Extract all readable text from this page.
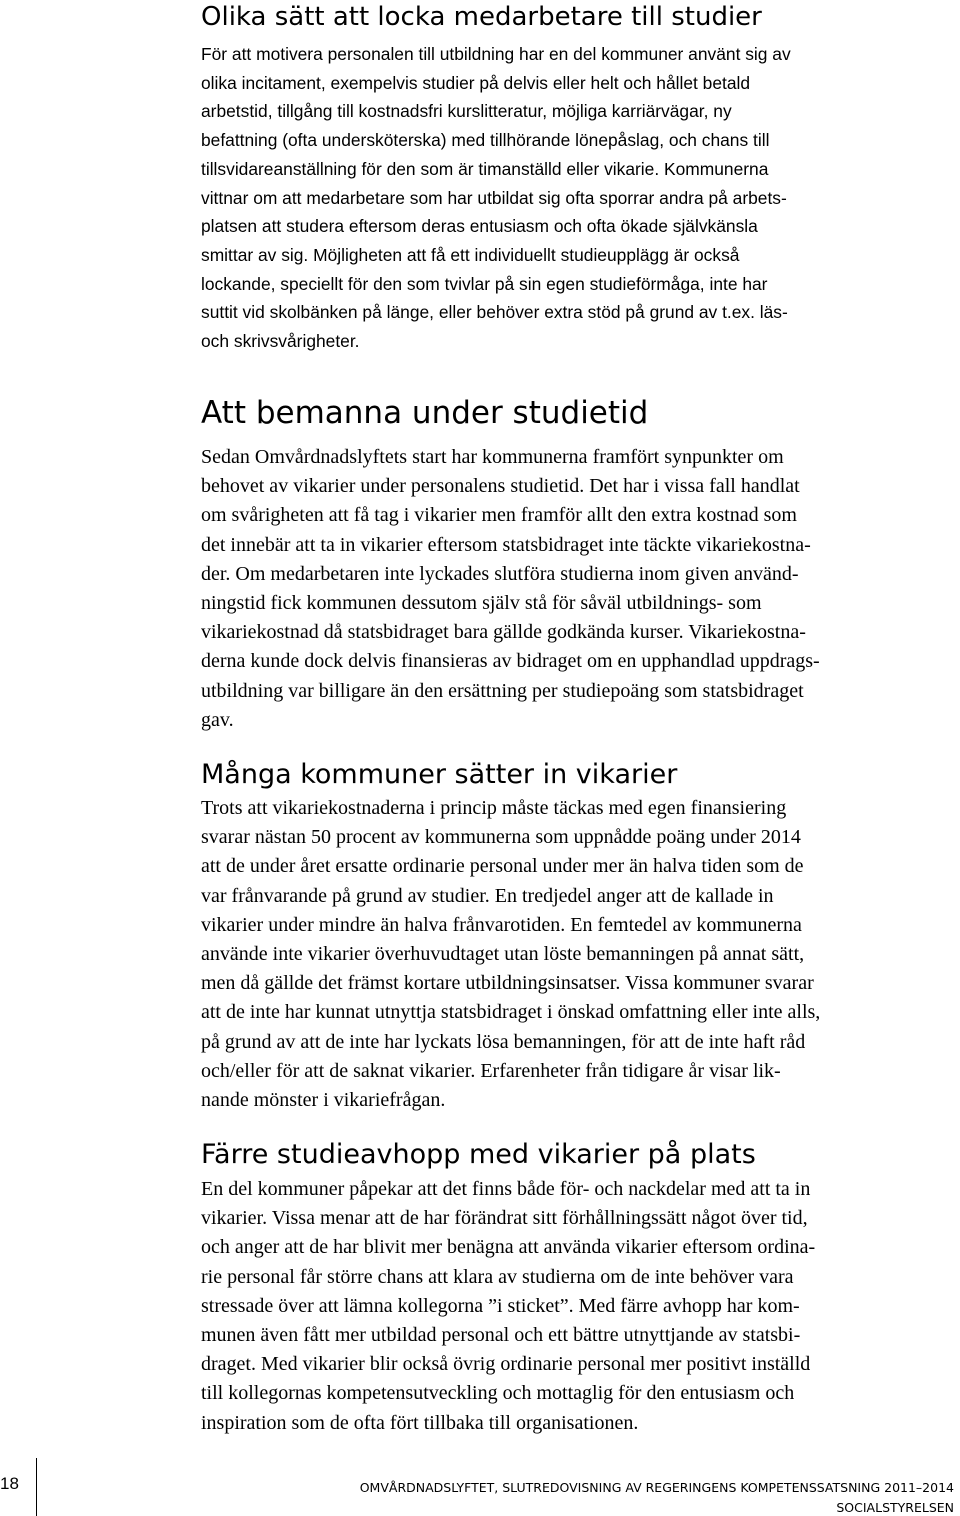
Olika sätt att locka medarbetare till studier

För att motivera personalen till utbildning har en del kommuner använt sig av
olika incitament, exempelvis studier på delvis eller helt och hållet betald
arbetstid, tillgång till kostnadsfri kurslitteratur, möjliga karriärvägar, ny
befattning (ofta undersköterska) med tillhörande lönepåslag, och chans till
tillsvidareanställning för den som är timanställd eller vikarie. Kommunerna
vittnar om att medarbetare som har utbildat sig ofta sporrar andra på arbets-
platsen att studera eftersom deras entusiasm och ofta ökade självkänsla
smittar av sig. Möjligheten att få ett individuellt studieupplägg är också
lockande, speciellt för den som tvivlar på sin egen studieförmåga, inte har
suttit vid skolbänken på länge, eller behöver extra stöd på grund av t.ex. läs-
och skrivsvårigheter.

Att bemanna under studietid

Sedan Omvårdnadslyftets start har kommunerna framfört synpunkter om
behovet av vikarier under personalens studietid. Det har i vissa fall handlat
om svårigheten att få tag i vikarier men framför allt den extra kostnad som
det innebär att ta in vikarier eftersom statsbidraget inte täckte vikariekostna-
der. Om medarbetaren inte lyckades slutföra studierna inom given använd-
ningstid fick kommunen dessutom själv stå för såväl utbildnings- som
vikariekostnad då statsbidraget bara gällde godkända kurser. Vikariekostna-
derna kunde dock delvis finansieras av bidraget om en upphandlad uppdrags-
utbildning var billigare än den ersättning per studiepoäng som statsbidraget
gav.

Många kommuner sätter in vikarier

Trots att vikariekostnaderna i princip måste täckas med egen finansiering
svarar nästan 50 procent av kommunerna som uppnådde poäng under 2014
att de under året ersatte ordinarie personal under mer än halva tiden som de
var frånvarande på grund av studier. En tredjedel anger att de kallade in
vikarier under mindre än halva frånvarotiden. En femtedel av kommunerna
använde inte vikarier överhuvudtaget utan löste bemanningen på annat sätt,
men då gällde det främst kortare utbildningsinsatser. Vissa kommuner svarar
att de inte har kunnat utnyttja statsbidraget i önskad omfattning eller inte alls,
på grund av att de inte har lyckats lösa bemanningen, för att de inte haft råd
och/eller för att de saknat vikarier. Erfarenheter från tidigare år visar lik-
nande mönster i vikariefrågan.

Färre studieavhopp med vikarier på plats

En del kommuner påpekar att det finns både för- och nackdelar med att ta in
vikarier. Vissa menar att de har förändrat sitt förhållningssätt något över tid,
och anger att de har blivit mer benägna att använda vikarier eftersom ordina-
rie personal får större chans att klara av studierna om de inte behöver vara
stressade över att lämna kollegorna ”i sticket”. Med färre avhopp har kom-
munen även fått mer utbildad personal och ett bättre utnyttjande av statsbi-
draget. Med vikarier blir också övrig ordinarie personal mer positivt inställd
till kollegornas kompetensutveckling och mottaglig för den entusiasm och
inspiration som de ofta fört tillbaka till organisationen.

18	OMVÅRDNADSLYFTET, SLUTREDOVISNING AV REGERINGENS KOMPETENSSATSNING 2011–2014
SOCIALSTYRELSEN
